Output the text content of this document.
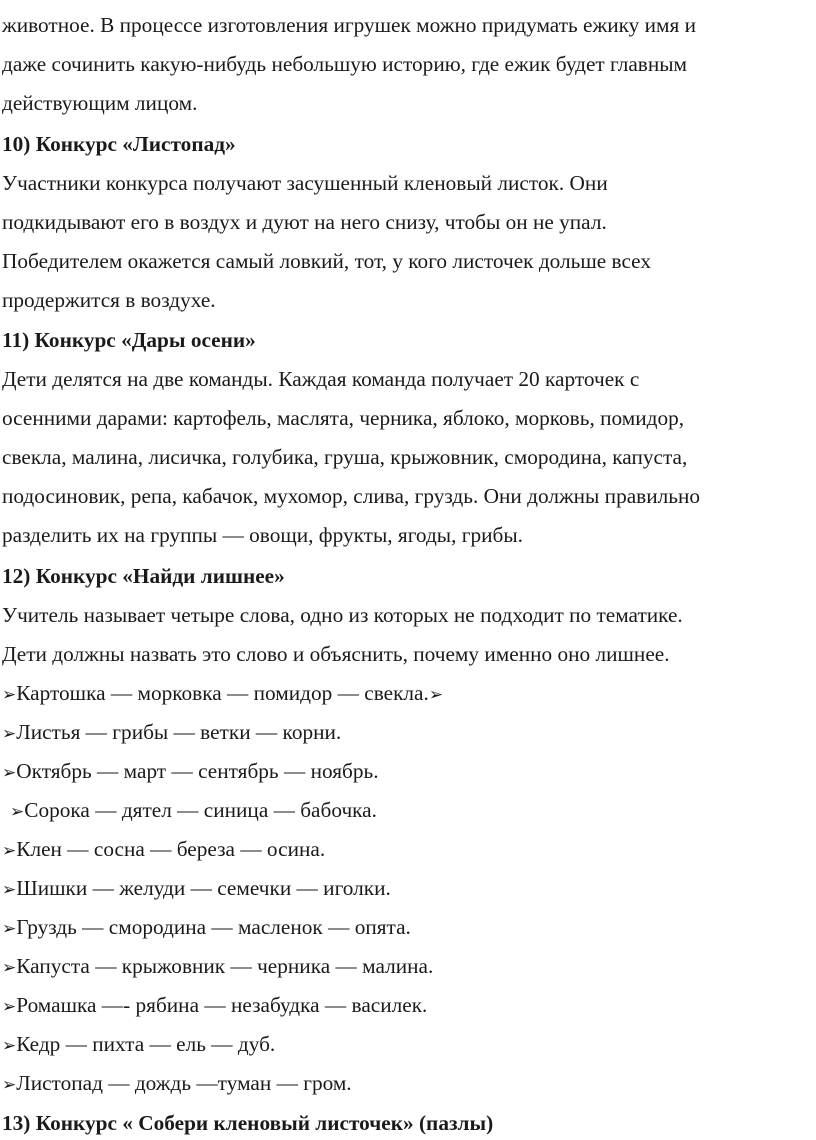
животное. В процессе изготовления игрушек можно придумать ежику имя и
даже сочинить какую-нибудь небольшую историю, где ежик будет главным
действующим лицом.
10) Конкурс «Листопад»
Участники конкурса получают засушенный кленовый листок. Они
подкидывают его в воздух и дуют на него снизу, чтобы он не упал.
Победителем окажется самый ловкий, тот, у кого листочек дольше всех
продержится в воздухе.
11) Конкурс «Дары осени»
Дети делятся на две команды. Каждая команда получает 20 карточек с
осенними дарами: картофель, маслята, черника, яблоко, морковь, помидор,
свекла, малина, лисичка, голубика, груша, крыжовник, смородина, капуста,
подосиновик, репа, кабачок, мухомор, слива, груздь. Они должны правильно
разделить их на группы — овощи, фрукты, ягоды, грибы.
12) Конкурс «Найди лишнее»
Учитель называет четыре слова, одно из которых не подходит по тематике.
Дети должны назвать это слово и объяснить, почему именно оно лишнее.
➢Картошка — морковка — помидор — свекла.➢
➢Листья — грибы — ветки — корни.
➢Октябрь — март — сентябрь — ноябрь.
➢Сорока — дятел — синица — бабочка.
➢Клен — сосна — береза — осина.
➢Шишки — желуди — семечки — иголки.
➢Груздь — смородина — масленок — опята.
➢Капуста — крыжовник — черника — малина.
➢Ромашка —- рябина — незабудка — василек.
➢Кедр — пихта — ель — дуб.
➢Листопад — дождь —туман — гром.
13) Конкурс « Собери кленовый листочек» (пазлы)
